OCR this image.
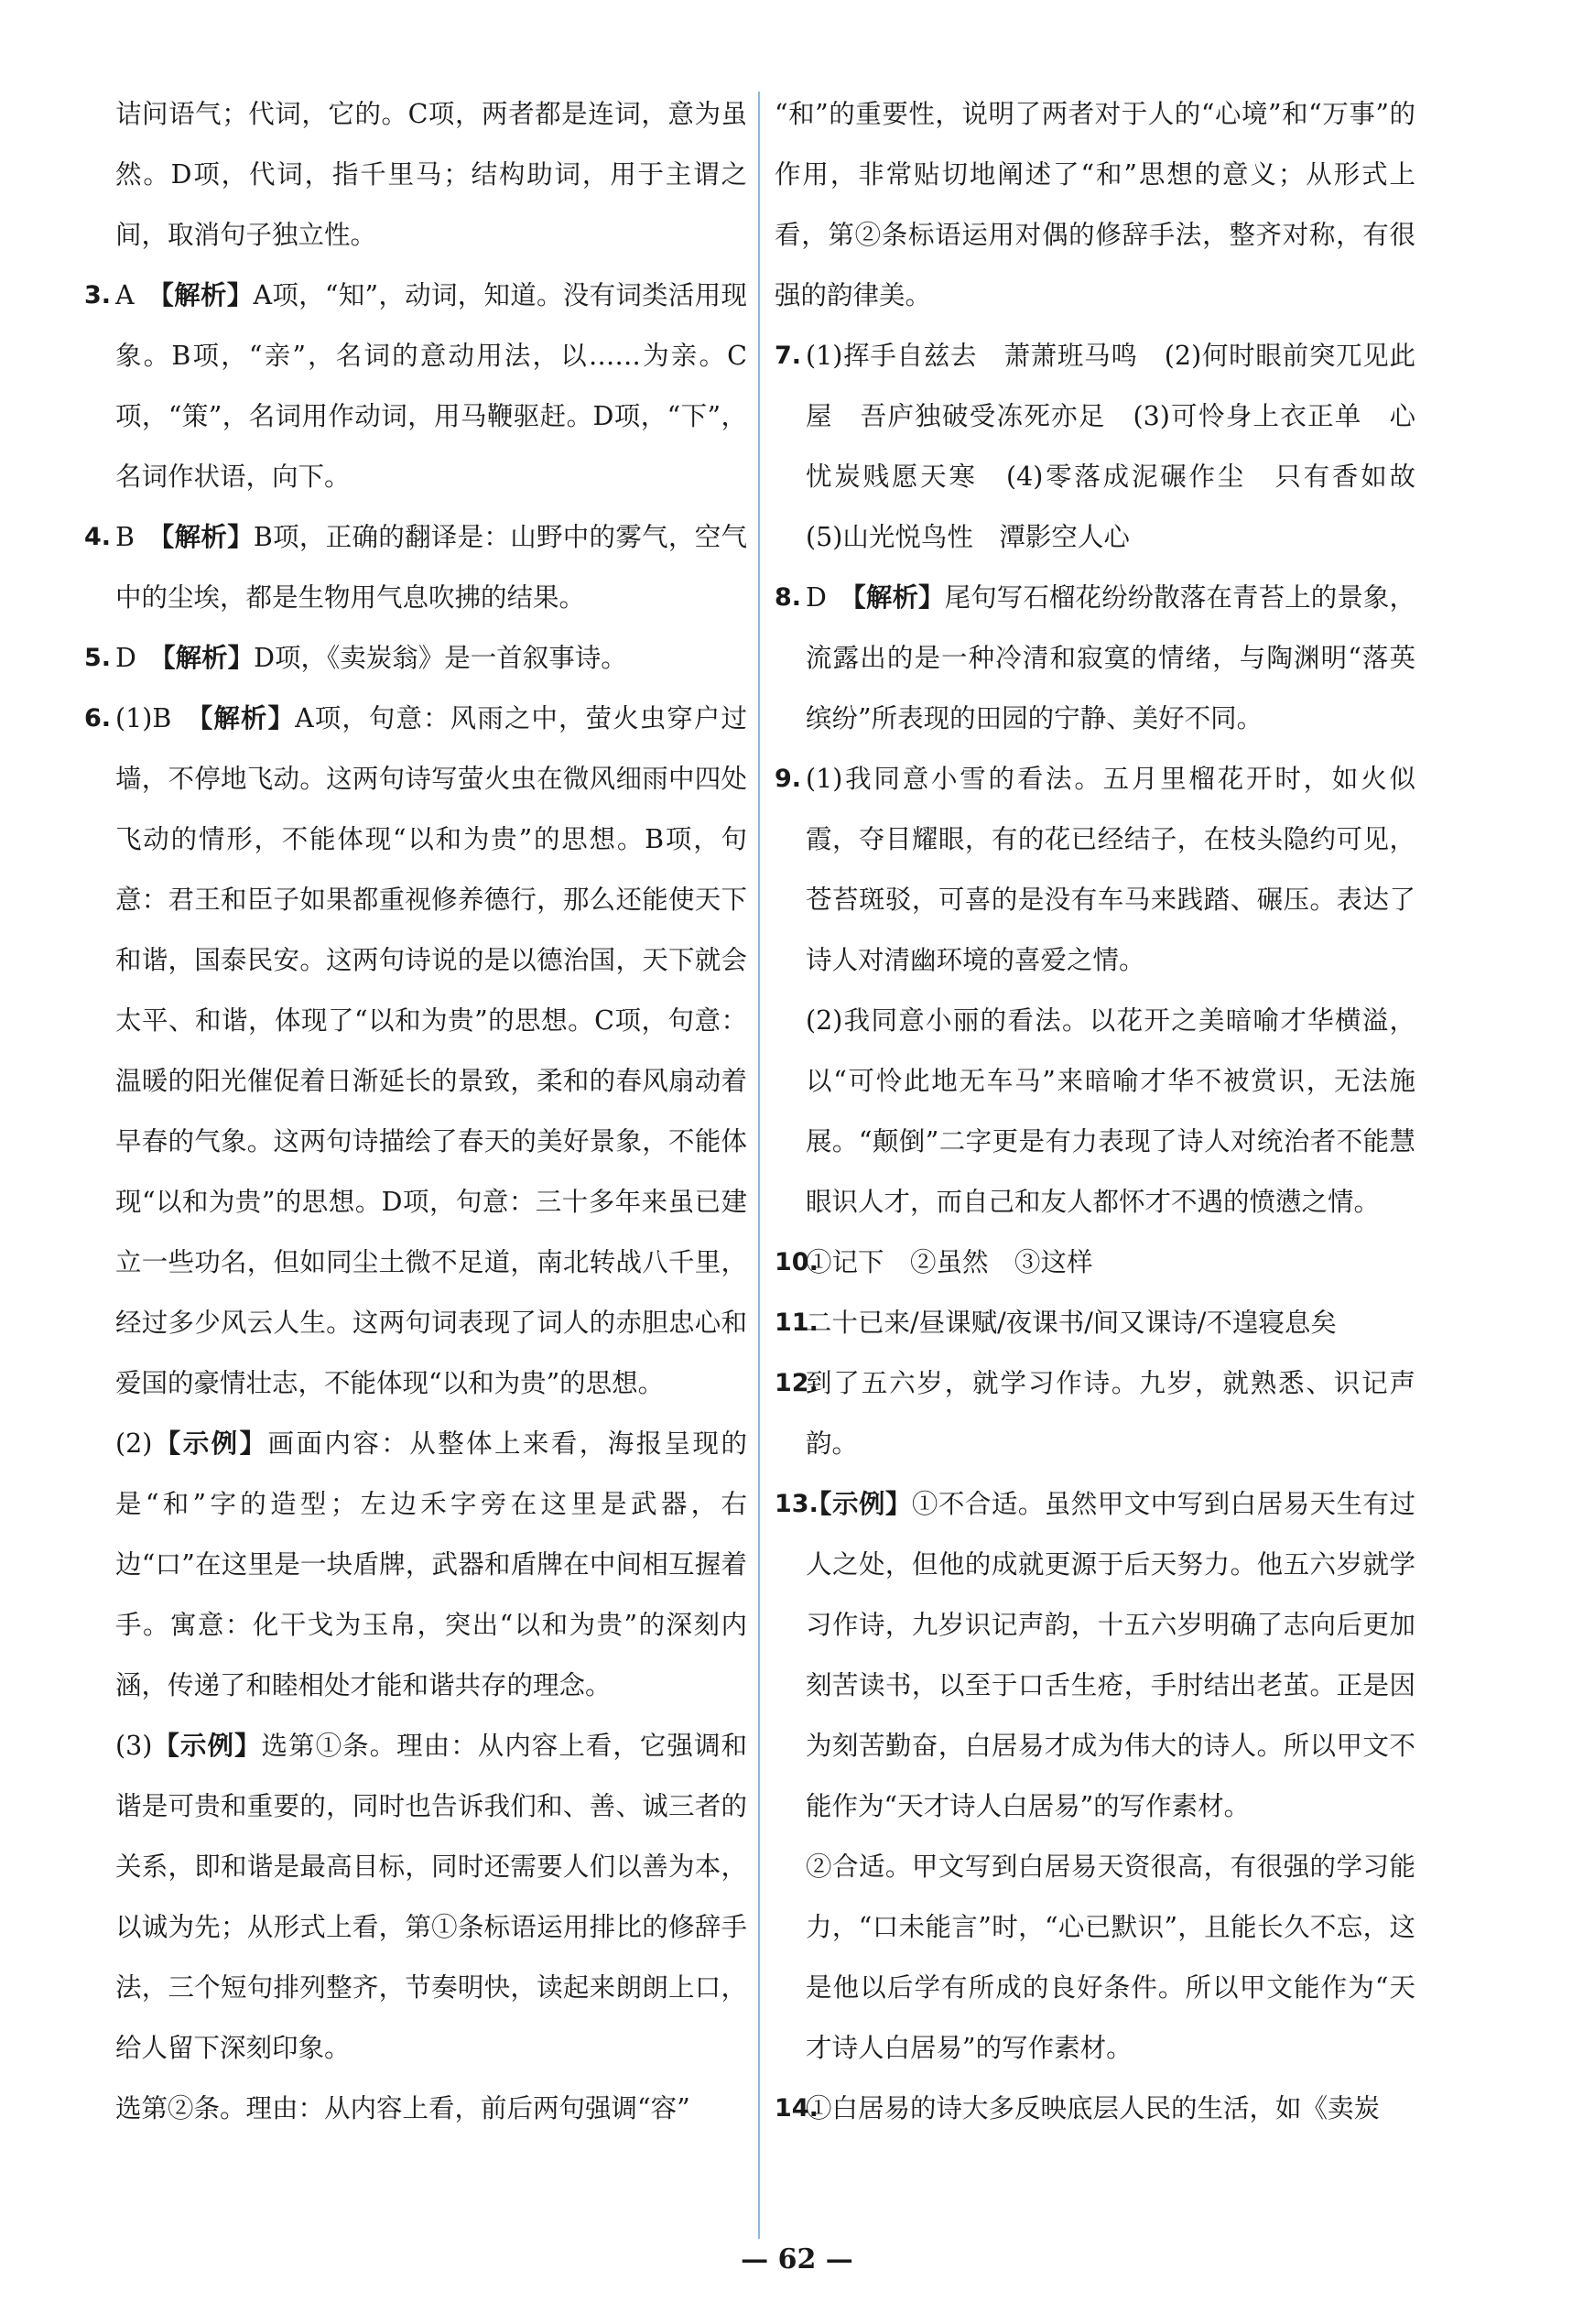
诘问语气；代词，它的。C项，两者都是连词，意为虽然。D项，代词，指千里马；结构助词，用于主谓之间，取消句子独立性。

3. A　 【解析】A项，“知”，动词，知道。没有词类活用现象。B项，“亲”，名词的意动用法，以……为亲。C项，“策”，名词用作动词，用马鞭驱赶。D项，“下”，名词作状语，向下。

4. B　 【解析】B项，正确的翻译是：山野中的雾气，空气中的尘埃，都是生物用气息吹拂的结果。

5. D　 【解析】D项，《卖炭翁》是一首叙事诗。

6. (1)B　 【解析】A项，句意：风雨之中，萤火虫穿户过墙，不停地飞动。这两句诗写萤火虫在微风细雨中四处飞动的情形，不能体现“以和为贵”的思想。B项，句意：君王和臣子如果都重视修养德行，那么还能使天下和谐，国泰民安。这两句诗说的是以德治国，天下就会太平、和谐，体现了“以和为贵”的思想。C项，句意：温暖的阳光催促着日渐延长的景致，柔和的春风扇动着早春的气象。这两句诗描绘了春天的美好景象，不能体现“以和为贵”的思想。D项，句意：三十多年来虽已建立一些功名，但如同尘土微不足道，南北转战八千里，经过多少风云人生。这两句词表现了词人的赤胆忠心和爱国的豪情壮志，不能体现“以和为贵”的思想。

(2)【示例】画面内容：从整体上来看，海报呈现的是“和”字的造型；左边禾字旁在这里是武器，右边“口”在这里是一块盾牌，武器和盾牌在中间相互握着手。寓意：化干戈为玉帛，突出“以和为贵”的深刻内涵，传递了和睦相处才能和谐共存的理念。

(3)【示例】选第①条。理由：从内容上看，它强调和谐是可贵和重要的，同时也告诉我们和、善、诚三者的关系，即和谐是最高目标，同时还需要人们以善为本，以诚为先；从形式上看，第①条标语运用排比的修辞手法，三个短句排列整齐，节奏明快，读起来朗朗上口，给人留下深刻印象。

选第②条。理由：从内容上看，前后两句强调“容”

“和”的重要性，说明了两者对于人的“心境”和“万事”的作用，非常贴切地阐述了“和”思想的意义；从形式上看，第②条标语运用对偶的修辞手法，整齐对称，有很强的韵律美。

7. (1)挥手自兹去　萧萧班马鸣　(2)何时眼前突兀见此屋　吾庐独破受冻死亦足　(3)可怜身上衣正单　心忧炭贱愿天寒　(4)零落成泥碾作尘　只有香如故　(5)山光悦鸟性　潭影空人心

8. D　 【解析】尾句写石榴花纷纷散落在青苔上的景象，流露出的是一种冷清和寂寞的情绪，与陶渊明“落英缤纷”所表现的田园的宁静、美好不同。

9. (1)我同意小雪的看法。五月里榴花开时，如火似霞，夺目耀眼，有的花已经结子，在枝头隐约可见，苍苔斑驳，可喜的是没有车马来践踏、碾压。表达了诗人对清幽环境的喜爱之情。

(2)我同意小丽的看法。以花开之美暗喻才华横溢，以“可怜此地无车马”来暗喻才华不被赏识，无法施展。“颠倒”二字更是有力表现了诗人对统治者不能慧眼识人才，而自己和友人都怀才不遇的愤懑之情。

10.

①记下　②虽然　③这样

11.

二十已来/昼课赋/夜课书/间又课诗/不遑寝息矣

12.

到了五六岁，就学习作诗。九岁，就熟悉、识记声韵。

13.

【示例】①不合适。虽然甲文中写到白居易天生有过人之处，但他的成就更源于后天努力。他五六岁就学习作诗，九岁识记声韵，十五六岁明确了志向后更加刻苦读书，以至于口舌生疮，手肘结出老茧。正是因为刻苦勤奋，白居易才成为伟大的诗人。所以甲文不能作为“天才诗人白居易”的写作素材。

②合适。甲文写到白居易天资很高，有很强的学习能力，“口未能言”时，“心已默识”，且能长久不忘，这是他以后学有所成的良好条件。所以甲文能作为“天才诗人白居易”的写作素材。

14.

①白居易的诗大多反映底层人民的生活，如《卖炭

— 62 —
